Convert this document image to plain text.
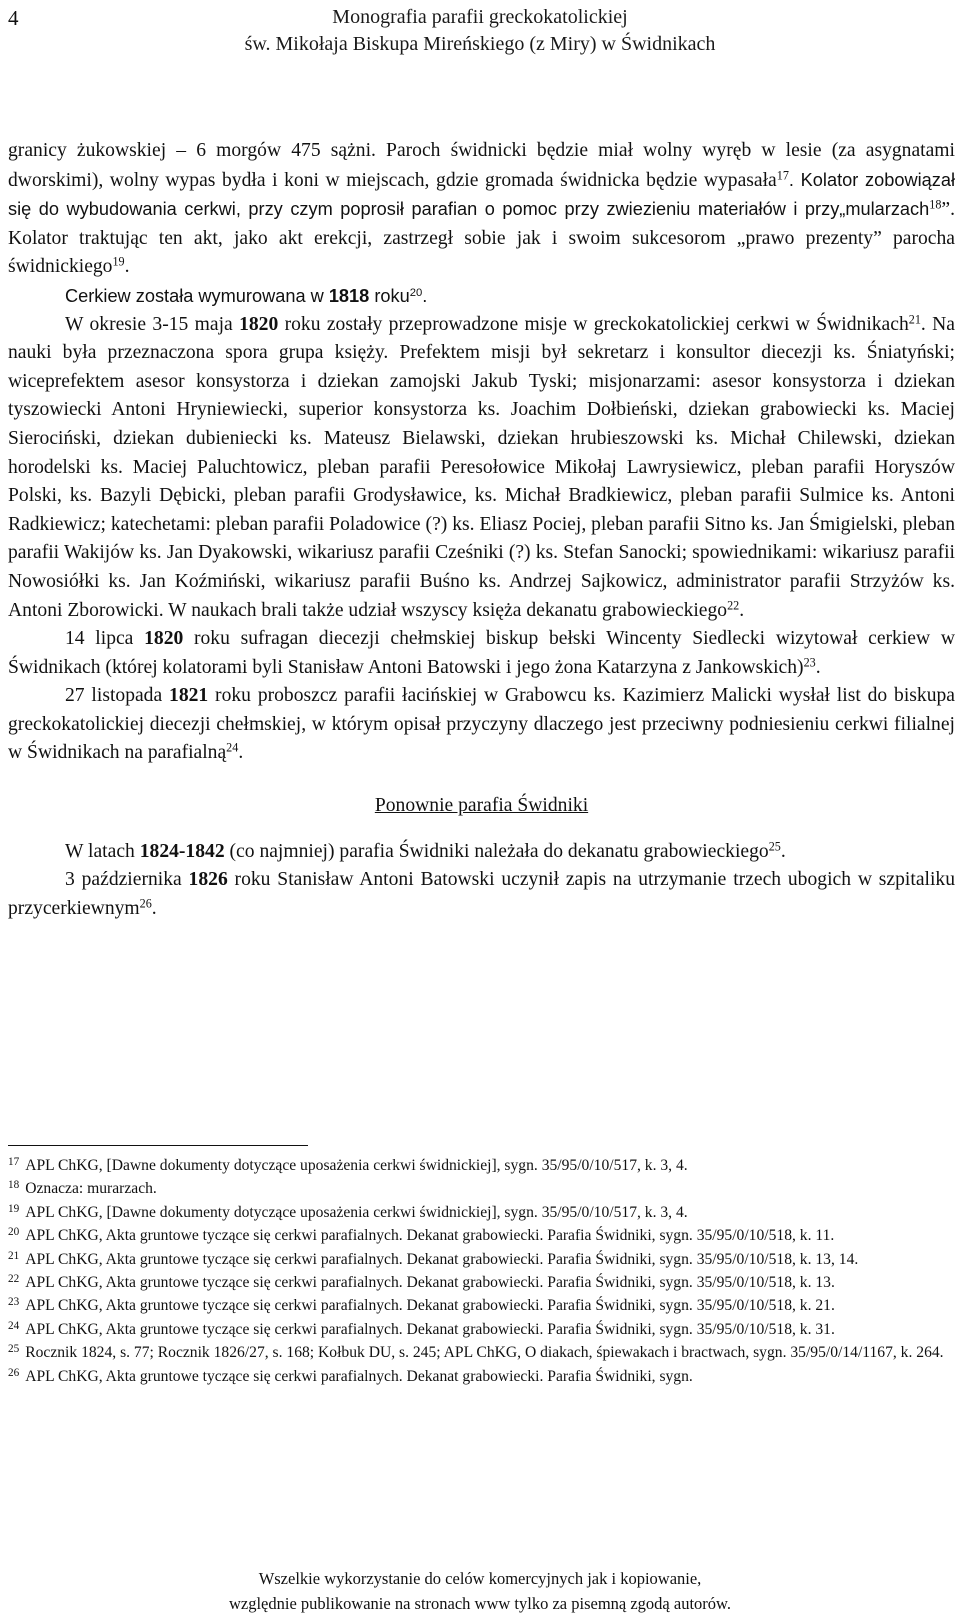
4	Monografia parafii greckokatolickiej
św. Mikołaja Biskupa Mireńskiego (z Miry) w Świdnikach

granicy żukowskiej – 6 morgów 475 sążni. Paroch świdnicki będzie miał wolny wyręb w lesie (za asygnatami dworskimi), wolny wypas bydła i koni w miejscach, gdzie gromada świdnicka będzie wypasała$^{17}$. Kolator zobowiązał się do wybudowania cerkwi, przy czym poprosił parafian o pomoc przy zwiezieniu materiałów i przy„mularzach$^{18}$”. Kolator traktując ten akt, jako akt erekcji, zastrzegł sobie jak i swoim sukcesorom „prawo prezenty” parocha świdnickiego$^{19}$.

Cerkiew została wymurowana w 1818 roku$^{20}$.

W okresie 3-15 maja 1820 roku zostały przeprowadzone misje w greckokatolickiej cerkwi w Świdnikach$^{21}$. Na nauki była przeznaczona spora grupa księży. Prefektem misji był sekretarz i konsultor diecezji ks. Śniatyński; wiceprefektem asesor konsystorza i dziekan zamojski Jakub Tyski; misjonarzami: asesor konsystorza i dziekan tyszowiecki Antoni Hryniewiecki, superior konsystorza ks. Joachim Dołbieński, dziekan grabowiecki ks. Maciej Sierociński, dziekan dubieniecki ks. Mateusz Bielawski, dziekan hrubieszowski ks. Michał Chilewski, dziekan horodelski ks. Maciej Paluchtowicz, pleban parafii Peresołowice Mikołaj Lawrysiewicz, pleban parafii Horyszów Polski, ks. Bazyli Dębicki, pleban parafii Grodysławice, ks. Michał Bradkiewicz, pleban parafii Sulmice ks. Antoni Radkiewicz; katechetami: pleban parafii Poladowice (?) ks. Eliasz Pociej, pleban parafii Sitno ks. Jan Śmigielski, pleban parafii Wakijów ks. Jan Dyakowski, wikariusz parafii Cześniki (?) ks. Stefan Sanocki; spowiednikami: wikariusz parafii Nowosiółki ks. Jan Koźmiński, wikariusz parafii Buśno ks. Andrzej Sajkowicz, administrator parafii Strzyżów ks. Antoni Zborowicki. W naukach brali także udział wszyscy księża dekanatu grabowieckiego$^{22}$.

14 lipca 1820 roku sufragan diecezji chełmskiej biskup bełski Wincenty Siedlecki wizytował cerkiew w Świdnikach (której kolatorami byli Stanisław Antoni Batowski i jego żona Katarzyna z Jankowskich)$^{23}$.

27 listopada 1821 roku proboszcz parafii łacińskiej w Grabowcu ks. Kazimierz Malicki wysłał list do biskupa greckokatolickiej diecezji chełmskiej, w którym opisał przyczyny dlaczego jest przeciwny podniesieniu cerkwi filialnej w Świdnikach na parafialną$^{24}$.

Ponownie parafia Świdniki

W latach 1824-1842 (co najmniej) parafia Świdniki należała do dekanatu grabowieckiego$^{25}$.

3 października 1826 roku Stanisław Antoni Batowski uczynił zapis na utrzymanie trzech ubogich w szpitaliku przycerkiewnym$^{26}$.

$^{17}$ APL ChKG, [Dawne dokumenty dotyczące uposażenia cerkwi świdnickiej], sygn. 35/95/0/10/517, k. 3, 4.

$^{18}$ Oznacza: murarzach.

$^{19}$ APL ChKG, [Dawne dokumenty dotyczące uposażenia cerkwi świdnickiej], sygn. 35/95/0/10/517, k. 3, 4.

$^{20}$ APL ChKG, Akta gruntowe tyczące się cerkwi parafialnych. Dekanat grabowiecki. Parafia Świdniki, sygn. 35/95/0/10/518, k. 11.

$^{21}$ APL ChKG, Akta gruntowe tyczące się cerkwi parafialnych. Dekanat grabowiecki. Parafia Świdniki, sygn. 35/95/0/10/518, k. 13, 14.

$^{22}$ APL ChKG, Akta gruntowe tyczące się cerkwi parafialnych. Dekanat grabowiecki. Parafia Świdniki, sygn. 35/95/0/10/518, k. 13.

$^{23}$ APL ChKG, Akta gruntowe tyczące się cerkwi parafialnych. Dekanat grabowiecki. Parafia Świdniki, sygn. 35/95/0/10/518, k. 21.

$^{24}$ APL ChKG, Akta gruntowe tyczące się cerkwi parafialnych. Dekanat grabowiecki. Parafia Świdniki, sygn. 35/95/0/10/518, k. 31.

$^{25}$ Rocznik 1824, s. 77; Rocznik 1826/27, s. 168; Kołbuk DU, s. 245; APL ChKG, O diakach, śpiewakach i bractwach, sygn. 35/95/0/14/1167, k. 264.

$^{26}$ APL ChKG, Akta gruntowe tyczące się cerkwi parafialnych. Dekanat grabowiecki. Parafia Świdniki, sygn.

Wszelkie wykorzystanie do celów komercyjnych jak i kopiowanie,
względnie publikowanie na stronach www tylko za pisemną zgodą autorów.
